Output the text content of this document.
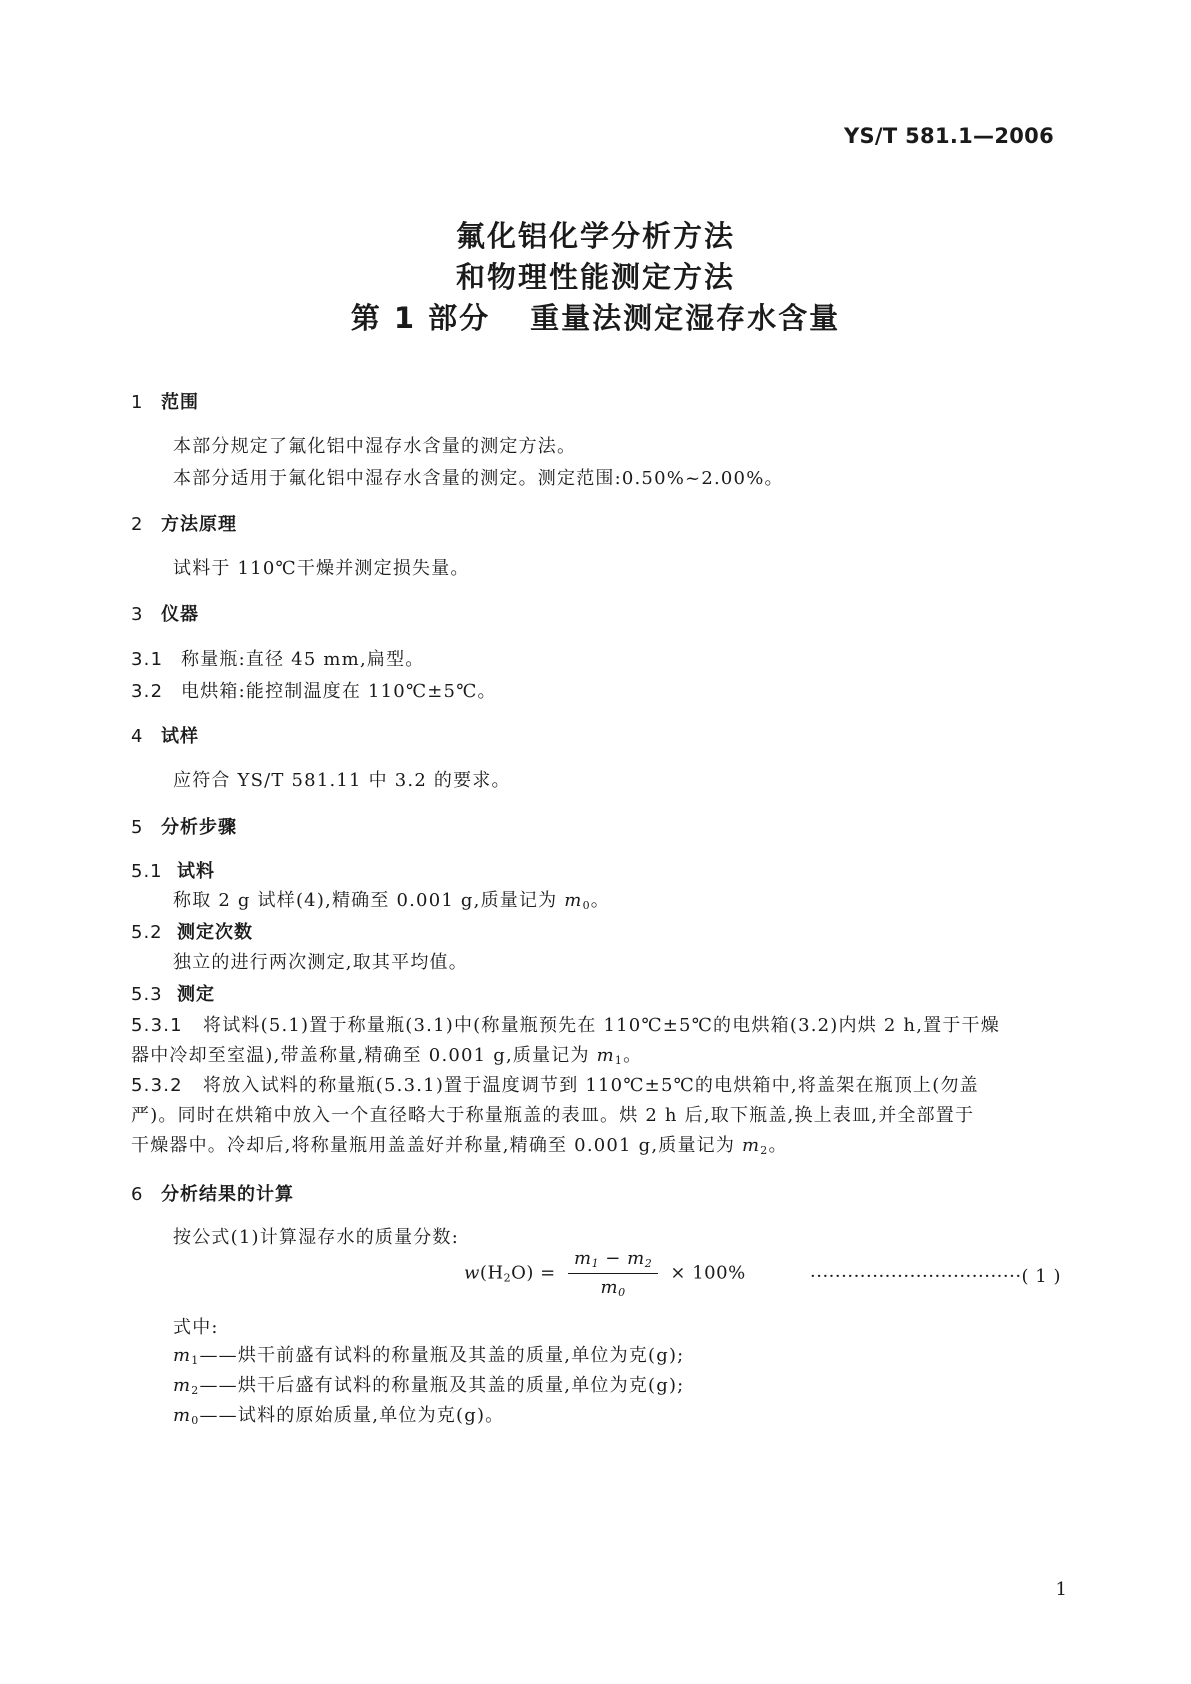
YS/T 581.1—2006
氟化铝化学分析方法
和物理性能测定方法
第 1 部分 重量法测定湿存水含量
1 范围
本部分规定了氟化铝中湿存水含量的测定方法。
本部分适用于氟化铝中湿存水含量的测定。测定范围:0.50%~2.00%。
2 方法原理
试料于 110℃干燥并测定损失量。
3 仪器
3.1 称量瓶:直径 45 mm,扁型。
3.2 电烘箱:能控制温度在 110℃±5℃。
4 试样
应符合 YS/T 581.11 中 3.2 的要求。
5 分析步骤
5.1 试料
称取 2 g 试样(4),精确至 0.001 g,质量记为 $m_0$。
5.2 测定次数
独立的进行两次测定,取其平均值。
5.3 测定
5.3.1 将试料(5.1)置于称量瓶(3.1)中(称量瓶预先在 110℃±5℃的电烘箱(3.2)内烘 2 h,置于干燥
器中冷却至室温),带盖称量,精确至 0.001 g,质量记为 $m_1$。
5.3.2 将放入试料的称量瓶(5.3.1)置于温度调节到 110℃±5℃的电烘箱中,将盖架在瓶顶上(勿盖
严)。同时在烘箱中放入一个直径略大于称量瓶盖的表皿。烘 2 h 后,取下瓶盖,换上表皿,并全部置于
干燥器中。冷却后,将称量瓶用盖盖好并称量,精确至 0.001 g,质量记为 $m_2$。
6 分析结果的计算
按公式(1)计算湿存水的质量分数:
$w(H_2O) = \frac{m_1 - m_2}{m_0} \times 100\%$	··································( 1 )
式中:
$m_1——$烘干前盛有试料的称量瓶及其盖的质量,单位为克(g);
$m_2——$烘干后盛有试料的称量瓶及其盖的质量,单位为克(g);
$m_0——$试料的原始质量,单位为克(g)。
1
